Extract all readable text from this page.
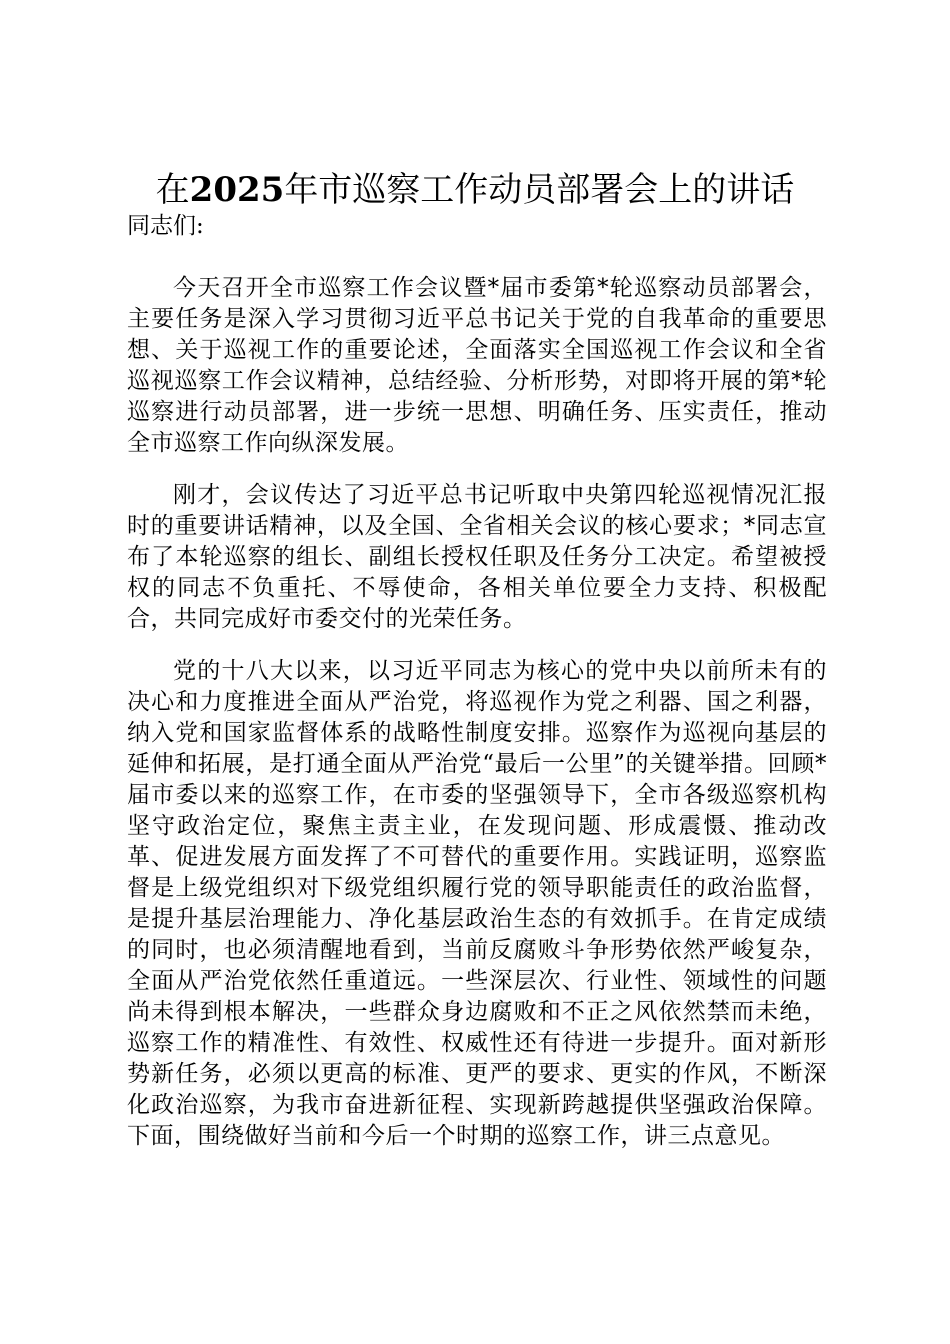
在2025年市巡察工作动员部署会上的讲话

同志们:

今天召开全市巡察工作会议暨*届市委第*轮巡察动员部署会，主要任务是深入学习贯彻习近平总书记关于党的自我革命的重要思想、关于巡视工作的重要论述，全面落实全国巡视工作会议和全省巡视巡察工作会议精神，总结经验、分析形势，对即将开展的第*轮巡察进行动员部署，进一步统一思想、明确任务、压实责任，推动全市巡察工作向纵深发展。

刚才，会议传达了习近平总书记听取中央第四轮巡视情况汇报时的重要讲话精神，以及全国、全省相关会议的核心要求；*同志宣布了本轮巡察的组长、副组长授权任职及任务分工决定。希望被授权的同志不负重托、不辱使命，各相关单位要全力支持、积极配合，共同完成好市委交付的光荣任务。

党的十八大以来，以习近平同志为核心的党中央以前所未有的决心和力度推进全面从严治党，将巡视作为党之利器、国之利器，纳入党和国家监督体系的战略性制度安排。巡察作为巡视向基层的延伸和拓展，是打通全面从严治党“最后一公里”的关键举措。回顾*届市委以来的巡察工作，在市委的坚强领导下，全市各级巡察机构坚守政治定位，聚焦主责主业，在发现问题、形成震慑、推动改革、促进发展方面发挥了不可替代的重要作用。实践证明，巡察监督是上级党组织对下级党组织履行党的领导职能责任的政治监督，是提升基层治理能力、净化基层政治生态的有效抓手。在肯定成绩的同时，也必须清醒地看到，当前反腐败斗争形势依然严峻复杂，全面从严治党依然任重道远。一些深层次、行业性、领域性的问题尚未得到根本解决，一些群众身边腐败和不正之风依然禁而未绝，巡察工作的精准性、有效性、权威性还有待进一步提升。面对新形势新任务，必须以更高的标准、更严的要求、更实的作风，不断深化政治巡察，为我市奋进新征程、实现新跨越提供坚强政治保障。下面，围绕做好当前和今后一个时期的巡察工作，讲三点意见。
